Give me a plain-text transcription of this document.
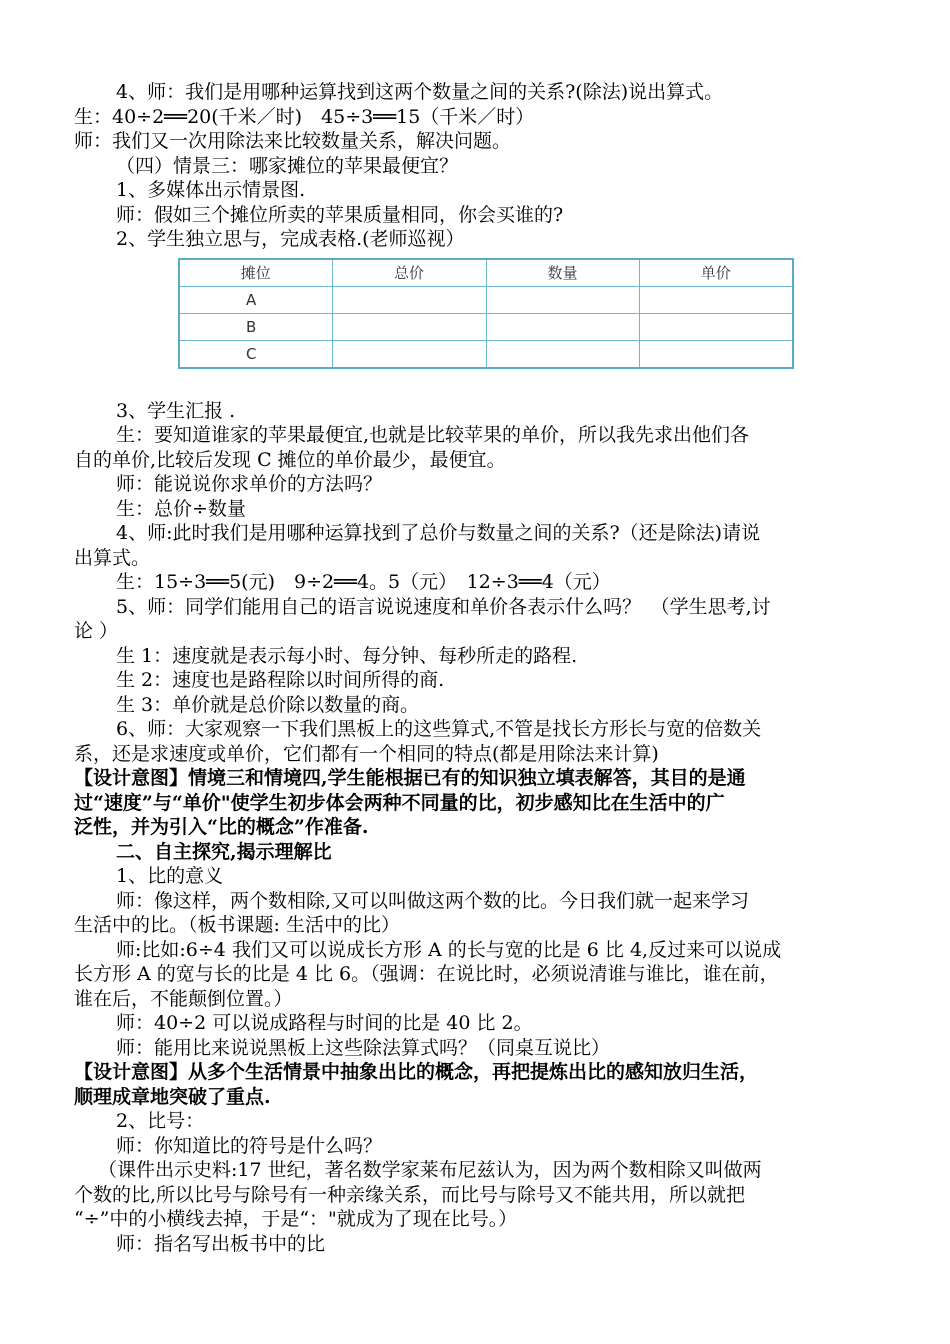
4、师：我们是用哪种运算找到这两个数量之间的关系?(除法)说出算式。

生：40÷2══20(千米／时)　45÷3══15（千米／时）

师：我们又一次用除法来比较数量关系，解决问题。

（四）情景三：哪家摊位的苹果最便宜？

1、多媒体出示情景图.

师：假如三个摊位所卖的苹果质量相同，你会买谁的?

2、学生独立思与，完成表格.(老师巡视）

摊位	总价	数量	单价
A			
B			
C			

3、学生汇报 .

生：要知道谁家的苹果最便宜,也就是比较苹果的单价，所以我先求出他们各

自的单价,比较后发现 C 摊位的单价最少，最便宜。

师：能说说你求单价的方法吗？

生：总价÷数量

4、师:此时我们是用哪种运算找到了总价与数量之间的关系?（还是除法)请说

出算式。

生：15÷3══5(元)　9÷2══4。5（元）　12÷3══4（元）

5、师：同学们能用自己的语言说说速度和单价各表示什么吗？　（学生思考,讨

论 ）

生 1：速度就是表示每小时、每分钟、每秒所走的路程.

生 2：速度也是路程除以时间所得的商.

生 3：单价就是总价除以数量的商。

6、师：大家观察一下我们黑板上的这些算式,不管是找长方形长与宽的倍数关

系，还是求速度或单价，它们都有一个相同的特点(都是用除法来计算)

【设计意图】情境三和情境四,学生能根据已有的知识独立填表解答，其目的是通

过“速度”与“单价"使学生初步体会两种不同量的比，初步感知比在生活中的广

泛性，并为引入“比的概念”作准备.

二、自主探究,揭示理解比

1、比的意义

师：像这样，两个数相除,又可以叫做这两个数的比。今日我们就一起来学习

生活中的比。（板书课题: 生活中的比）

师:比如:6÷4 我们又可以说成长方形 A 的长与宽的比是 6 比 4,反过来可以说成

长方形 A 的宽与长的比是 4 比 6。（强调：在说比时，必须说清谁与谁比，谁在前，

谁在后，不能颠倒位置。）

师：40÷2 可以说成路程与时间的比是 40 比 2。

师：能用比来说说黑板上这些除法算式吗？（同桌互说比）

【设计意图】从多个生活情景中抽象出比的概念，再把提炼出比的感知放归生活，

顺理成章地突破了重点.

2、比号：

师：你知道比的符号是什么吗？

（课件出示史料:17 世纪，著名数学家莱布尼兹认为，因为两个数相除又叫做两

个数的比,所以比号与除号有一种亲缘关系，而比号与除号又不能共用，所以就把

“÷”中的小横线去掉，于是“："就成为了现在比号。）

师：指名写出板书中的比
